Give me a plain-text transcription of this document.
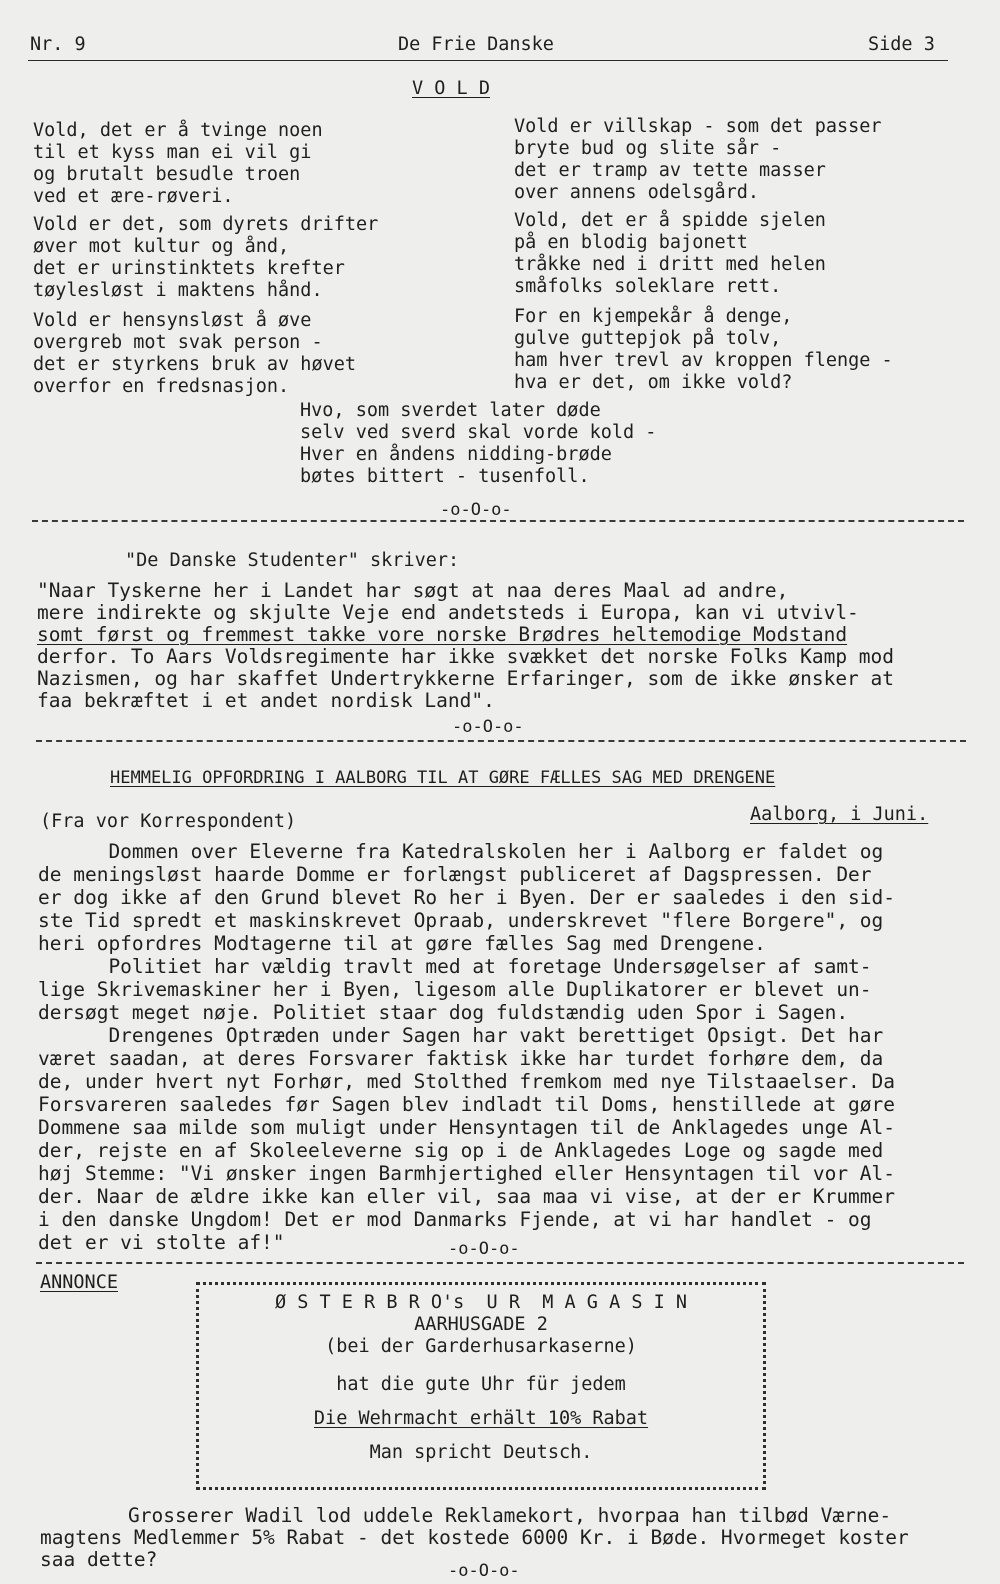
Nr. 9	De Frie Danske	Side 3
V O L D
Vold, det er å tvinge noen
til et kyss man ei vil gi
og brutalt besudle troen
ved et ære-røveri.
Vold er det, som dyrets drifter
øver mot kultur og ånd,
det er urinstinktets krefter
tøylesløst i maktens hånd.
Vold er hensynsløst å øve
overgreb mot svak person -
det er styrkens bruk av høvet
overfor en fredsnasjon.
Vold er villskap - som det passer
bryte bud og slite sår -
det er tramp av tette masser
over annens odelsgård.
Vold, det er å spidde sjelen
på en blodig bajonett
tråkke ned i dritt med helen
småfolks soleklare rett.
For en kjempekår å denge,
gulve guttepjok på tolv,
ham hver trevl av kroppen flenge -
hva er det, om ikke vold?
Hvo, som sverdet later døde
selv ved sverd skal vorde kold -
Hver en åndens nidding-brøde
bøtes bittert - tusenfoll.
-o-O-o-
"De Danske Studenter" skriver:
"Naar Tyskerne her i Landet har søgt at naa deres Maal ad andre,
mere indirekte og skjulte Veje end andetsteds i Europa, kan vi utvivl-
somt først og fremmest takke vore norske Brødres heltemodige Modstand
derfor. To Aars Voldsregimente har ikke svækket det norske Folks Kamp mod
Nazismen, og har skaffet Undertrykkerne Erfaringer, som de ikke ønsker at
faa bekræftet i et andet nordisk Land".
-o-O-o-
HEMMELIG OPFORDRING I AALBORG TIL AT GØRE FÆLLES SAG MED DRENGENE
(Fra vor Korrespondent)	Aalborg, i Juni.
Dommen over Eleverne fra Katedralskolen her i Aalborg er faldet og
de meningsløst haarde Domme er forlængst publiceret af Dagspressen. Der
er dog ikke af den Grund blevet Ro her i Byen. Der er saaledes i den sid-
ste Tid spredt et maskinskrevet Opraab, underskrevet "flere Borgere", og
heri opfordres Modtagerne til at gøre fælles Sag med Drengene.
Politiet har vældig travlt med at foretage Undersøgelser af samt-
lige Skrivemaskiner her i Byen, ligesom alle Duplikatorer er blevet un-
dersøgt meget nøje. Politiet staar dog fuldstændig uden Spor i Sagen.
Drengenes Optræden under Sagen har vakt berettiget Opsigt. Det har
været saadan, at deres Forsvarer faktisk ikke har turdet forhøre dem, da
de, under hvert nyt Forhør, med Stolthed fremkom med nye Tilstaaelser. Da
Forsvareren saaledes før Sagen blev indladt til Doms, henstillede at gøre
Dommene saa milde som muligt under Hensyntagen til de Anklagedes unge Al-
der, rejste en af Skoleeleverne sig op i de Anklagedes Loge og sagde med
høj Stemme: "Vi ønsker ingen Barmhjertighed eller Hensyntagen til vor Al-
der. Naar de ældre ikke kan eller vil, saa maa vi vise, at der er Krummer
i den danske Ungdom! Det er mod Danmarks Fjende, at vi har handlet - og
det er vi stolte af!"	-o-O-o-
ANNONCE
Ø S T E R B R O's  U R  M A G A S I N
AARHUSGADE 2
(bei der Garderhusarkaserne)
hat die gute Uhr für jedem
Die Wehrmacht erhält 10% Rabat
Man spricht Deutsch.
Grosserer Wadil lod uddele Reklamekort, hvorpaa han tilbød Værne-
magtens Medlemmer 5% Rabat - det kostede 6000 Kr. i Bøde. Hvormeget koster
saa dette?	-o-O-o-
